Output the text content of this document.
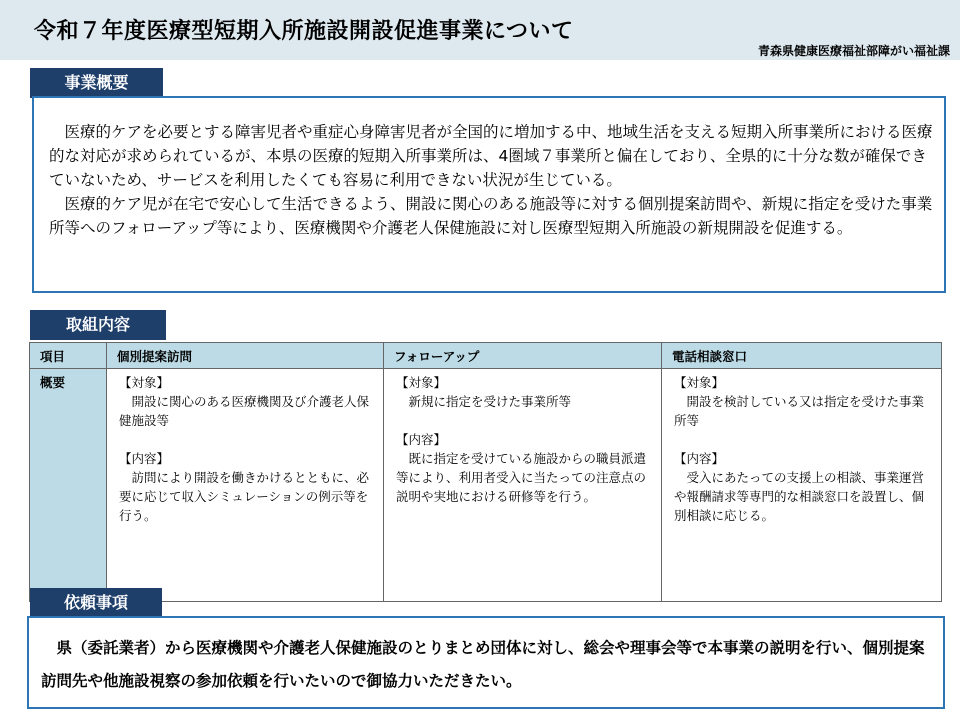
令和７年度医療型短期入所施設開設促進事業について
青森県健康医療福祉部障がい福祉課
事業概要

医療的ケアを必要とする障害児者や重症心身障害児者が全国的に増加する中、地域生活を支える短期入所事業所における医療的な対応が求められているが、本県の医療的短期入所事業所は、4圏域７事業所と偏在しており、全県的に十分な数が確保できていないため、サービスを利用したくても容易に利用できない状況が生じている。

医療的ケア児が在宅で安心して生活できるよう、開設に関心のある施設等に対する個別提案訪問や、新規に指定を受けた事業所等へのフォローアップ等により、医療機関や介護老人保健施設に対し医療型短期入所施設の新規開設を促進する。

取組内容
項目	個別提案訪問	フォローアップ	電話相談窓口
概要	【対象】
　開設に関心のある医療機関及び介護老人保健施設等

【内容】
　訪問により開設を働きかけるとともに、必要に応じて収入シミュレーションの例示等を行う。	【対象】
　新規に指定を受けた事業所等

【内容】
　既に指定を受けている施設からの職員派遣等により、利用者受入に当たっての注意点の説明や実地における研修等を行う。	【対象】
　開設を検討している又は指定を受けた事業所等

【内容】
　受入にあたっての支援上の相談、事業運営や報酬請求等専門的な相談窓口を設置し、個別相談に応じる。
依頼事項

県（委託業者）から医療機関や介護老人保健施設のとりまとめ団体に対し、総会や理事会等で本事業の説明を行い、個別提案訪問先や他施設視察の参加依頼を行いたいので御協力いただきたい。
